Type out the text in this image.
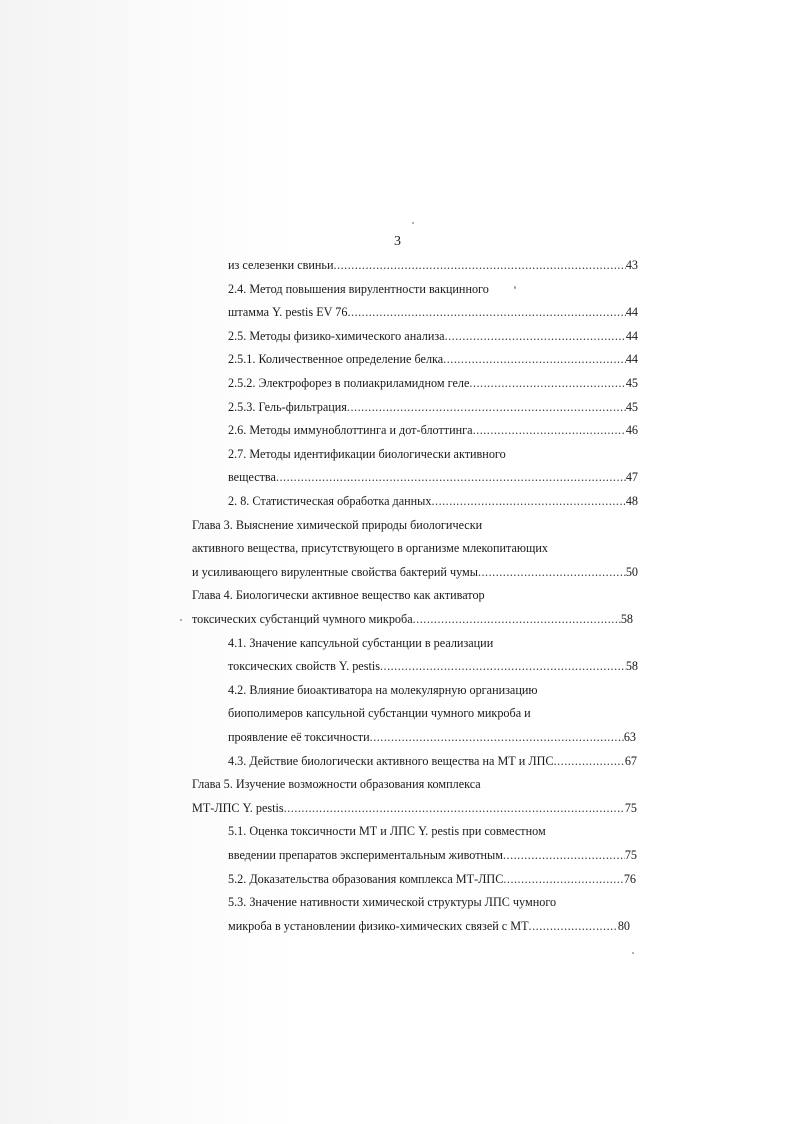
3
из селезенки свиньи .....	43
2.4. Метод повышения вирулентности вакцинного
штамма Y. pestis EV 76 .....	44
2.5. Методы физико-химического анализа .....	44
2.5.1. Количественное определение белка .....	44
2.5.2. Электрофорез в полиакриламидном геле .....	45
2.5.3. Гель-фильтрация .....	45
2.6. Методы иммуноблоттинга и дот-блоттинга .....	46
2.7. Методы идентификации биологически активного
вещества .....	47
2. 8. Статистическая обработка данных .....	48
Глава 3. Выяснение химической природы биологически
активного вещества, присутствующего в организме млекопитающих
и усиливающего вирулентные свойства бактерий чумы .....	50
Глава 4. Биологически активное вещество как активатор
токсических субстанций чумного микроба .....	58
4.1. Значение капсульной субстанции в реализации
токсических свойств Y. pestis .....	58
4.2. Влияние биоактиватора на молекулярную организацию
биополимеров капсульной субстанции чумного микроба и
проявление её токсичности .....	63
4.3. Действие биологически активного вещества на МТ и ЛПС .....	67
Глава 5. Изучение возможности образования комплекса
МТ-ЛПС Y. pestis .....	75
5.1. Оценка токсичности МТ и ЛПС Y. pestis при совместном
введении препаратов экспериментальным животным .....	75
5.2. Доказательства образования комплекса МТ-ЛПС .....	76
5.3. Значение нативности химической структуры ЛПС чумного
микроба в установлении физико-химических связей с МТ .....	80
